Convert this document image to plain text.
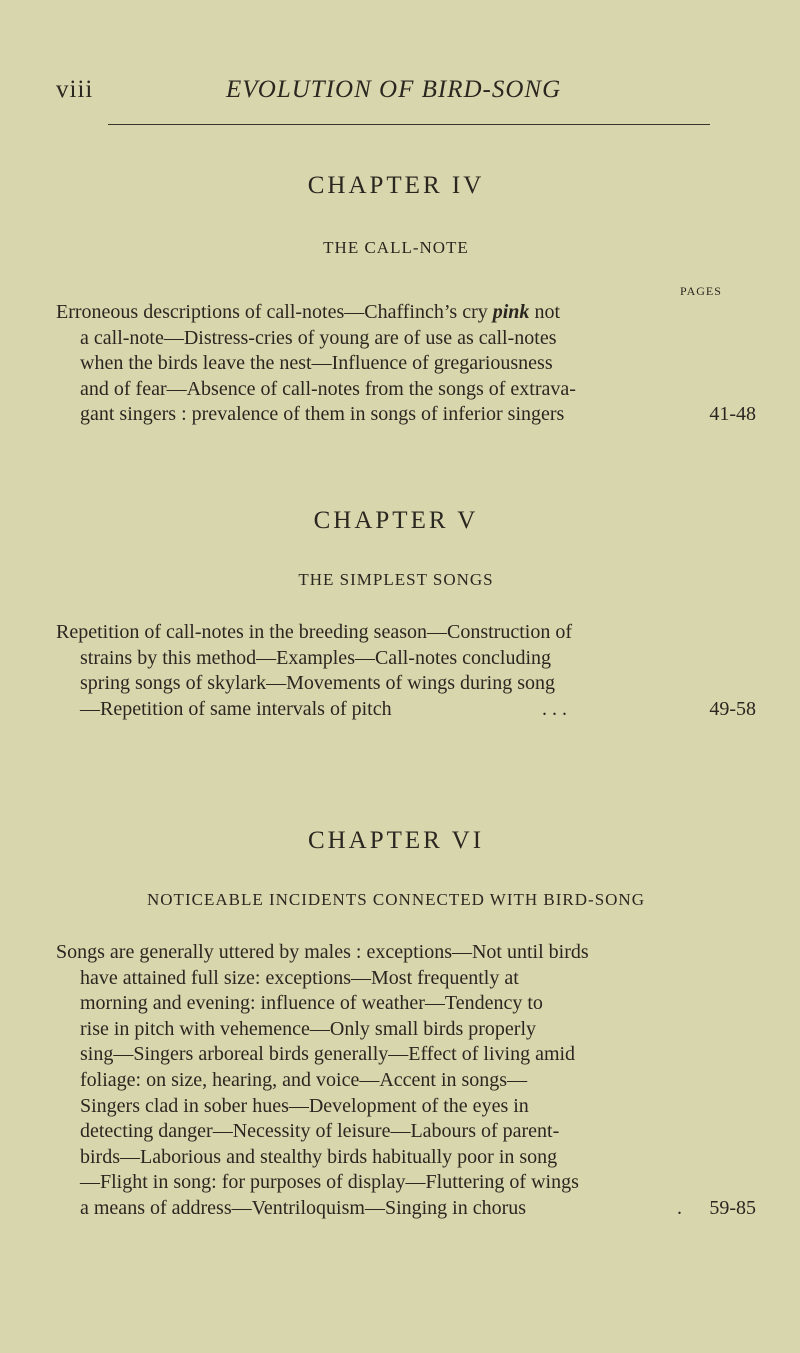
viii	EVOLUTION OF BIRD-SONG
CHAPTER IV
THE CALL-NOTE
PAGES
Erroneous descriptions of call-notes—Chaffinch’s cry pink not
a call-note—Distress-cries of young are of use as call-notes
when the birds leave the nest—Influence of gregariousness
and of fear—Absence of call-notes from the songs of extrava-
gant singers : prevalence of them in songs of inferior singers	41-48
CHAPTER V
THE SIMPLEST SONGS
Repetition of call-notes in the breeding season—Construction of
strains by this method—Examples—Call-notes concluding
spring songs of skylark—Movements of wings during song
—Repetition of same intervals of pitch	. . .	49-58
CHAPTER VI
NOTICEABLE INCIDENTS CONNECTED WITH BIRD-SONG
Songs are generally uttered by males : exceptions—Not until birds
have attained full size: exceptions—Most frequently at
morning and evening: influence of weather—Tendency to
rise in pitch with vehemence—Only small birds properly
sing—Singers arboreal birds generally—Effect of living amid
foliage: on size, hearing, and voice—Accent in songs—
Singers clad in sober hues—Development of the eyes in
detecting danger—Necessity of leisure—Labours of parent-
birds—Laborious and stealthy birds habitually poor in song
—Flight in song: for purposes of display—Fluttering of wings
a means of address—Ventriloquism—Singing in chorus	. 59-85
